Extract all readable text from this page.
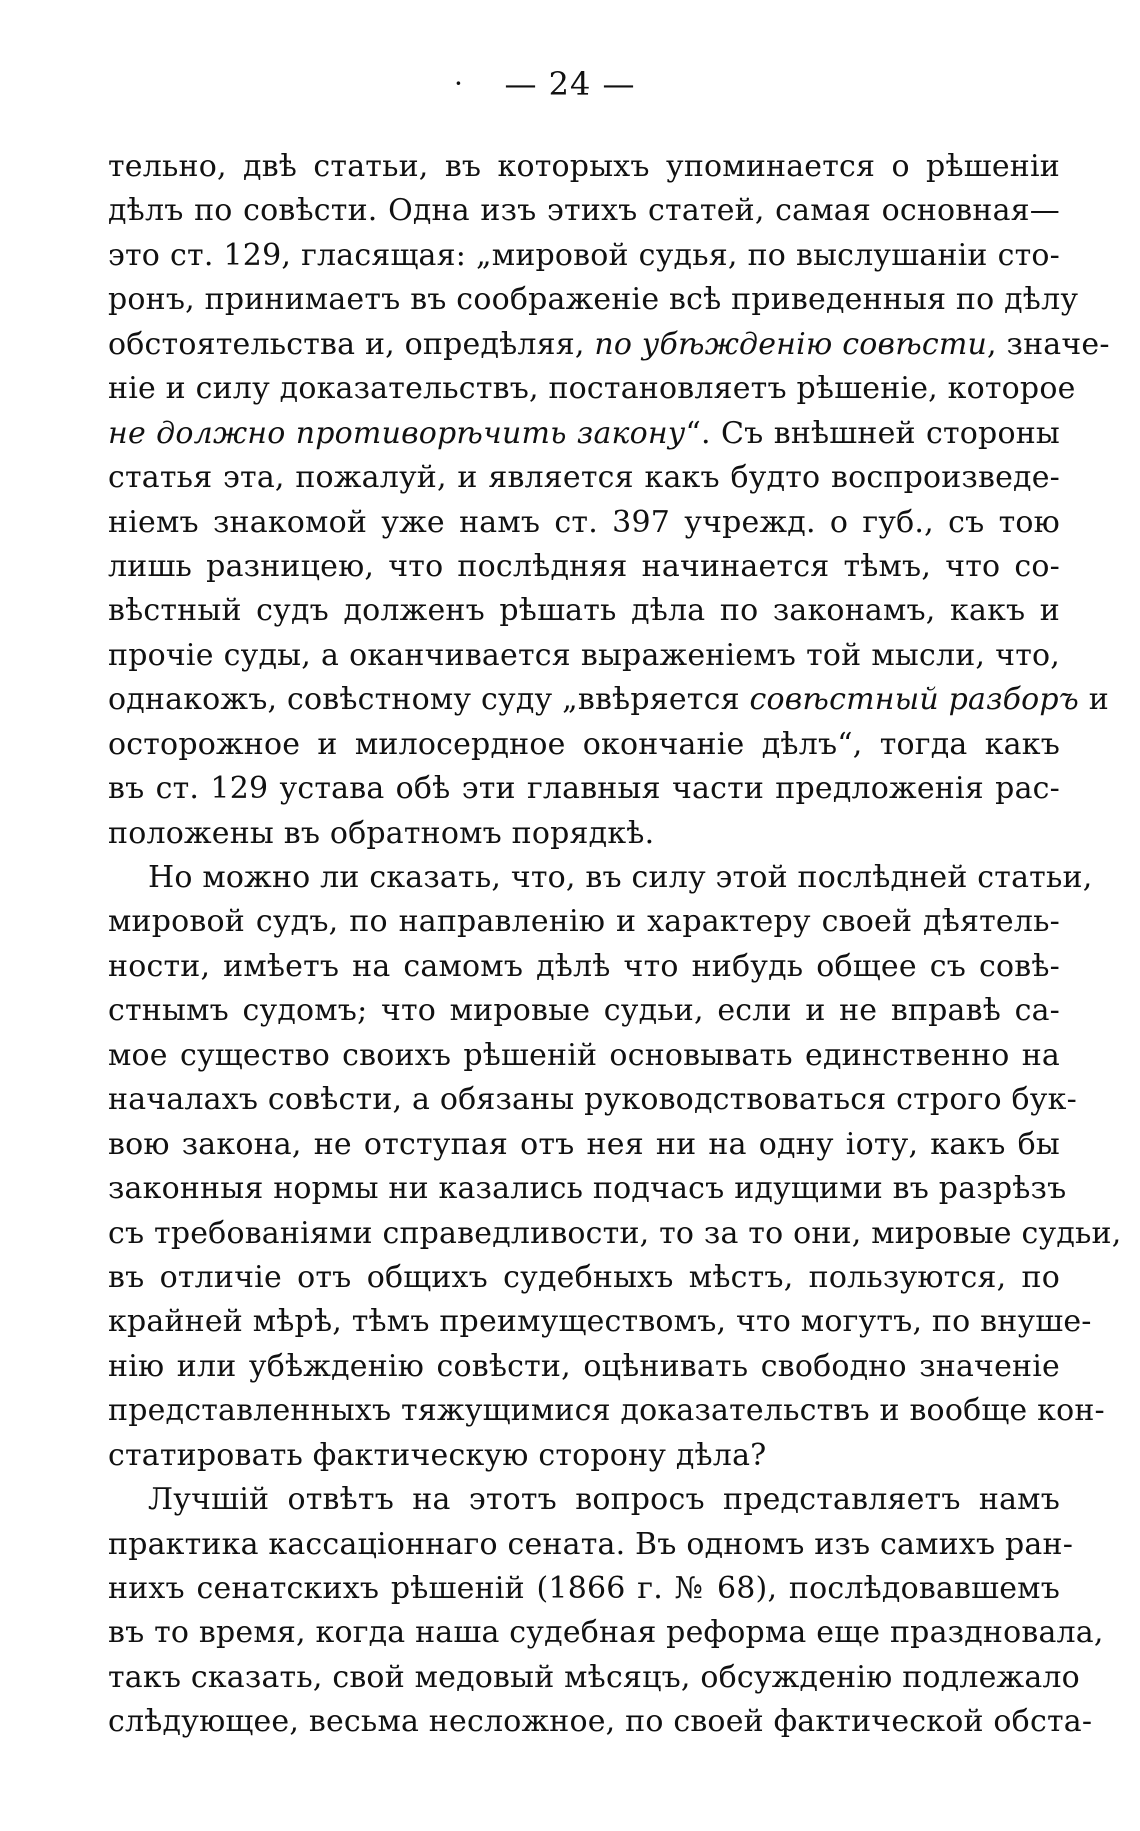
· — 24 —
тельно, двѣ статьи, въ которыхъ упоминается о рѣшеніи
дѣлъ по совѣсти. Одна изъ этихъ статей, самая основная—
это ст. 129, гласящая: „мировой судья, по выслушаніи сто-
ронъ, принимаетъ въ соображеніе всѣ приведенныя по дѣлу
обстоятельства и, опредѣляя, по убѣжденію совѣсти, значе-
ніе и силу доказательствъ, постановляетъ рѣшеніе, которое
не должно противорѣчить закону“. Съ внѣшней стороны
статья эта, пожалуй, и является какъ будто воспроизведе-
ніемъ знакомой уже намъ ст. 397 учрежд. о губ., съ тою
лишь разницею, что послѣдняя начинается тѣмъ, что со-
вѣстный судъ долженъ рѣшать дѣла по законамъ, какъ и
прочіе суды, а оканчивается выраженіемъ той мысли, что,
однакожъ, совѣстному суду „ввѣряется совѣстный разборъ и
осторожное и милосердное окончаніе дѣлъ“, тогда какъ
въ ст. 129 устава обѣ эти главныя части предложенія рас-
положены въ обратномъ порядкѣ.
Но можно ли сказать, что, въ силу этой послѣдней статьи,
мировой судъ, по направленію и характеру своей дѣятель-
ности, имѣетъ на самомъ дѣлѣ что нибудь общее съ совѣ-
стнымъ судомъ; что мировые судьи, если и не вправѣ са-
мое существо своихъ рѣшеній основывать единственно на
началахъ совѣсти, а обязаны руководствоваться строго бук-
вою закона, не отступая отъ нея ни на одну іоту, какъ бы
законныя нормы ни казались подчасъ идущими въ разрѣзъ
съ требованіями справедливости, то за то они, мировые судьи,
въ отличіе отъ общихъ судебныхъ мѣстъ, пользуются, по
крайней мѣрѣ, тѣмъ преимуществомъ, что могутъ, по внуше-
нію или убѣжденію совѣсти, оцѣнивать свободно значеніе
представленныхъ тяжущимися доказательствъ и вообще кон-
статировать фактическую сторону дѣла?
Лучшій отвѣтъ на этотъ вопросъ представляетъ намъ
практика кассаціоннаго сената. Въ одномъ изъ самихъ ран-
нихъ сенатскихъ рѣшеній (1866 г. № 68), послѣдовавшемъ
въ то время, когда наша судебная реформа еще праздновала,
такъ сказать, свой медовый мѣсяцъ, обсужденію подлежало
слѣдующее, весьма несложное, по своей фактической обста-
